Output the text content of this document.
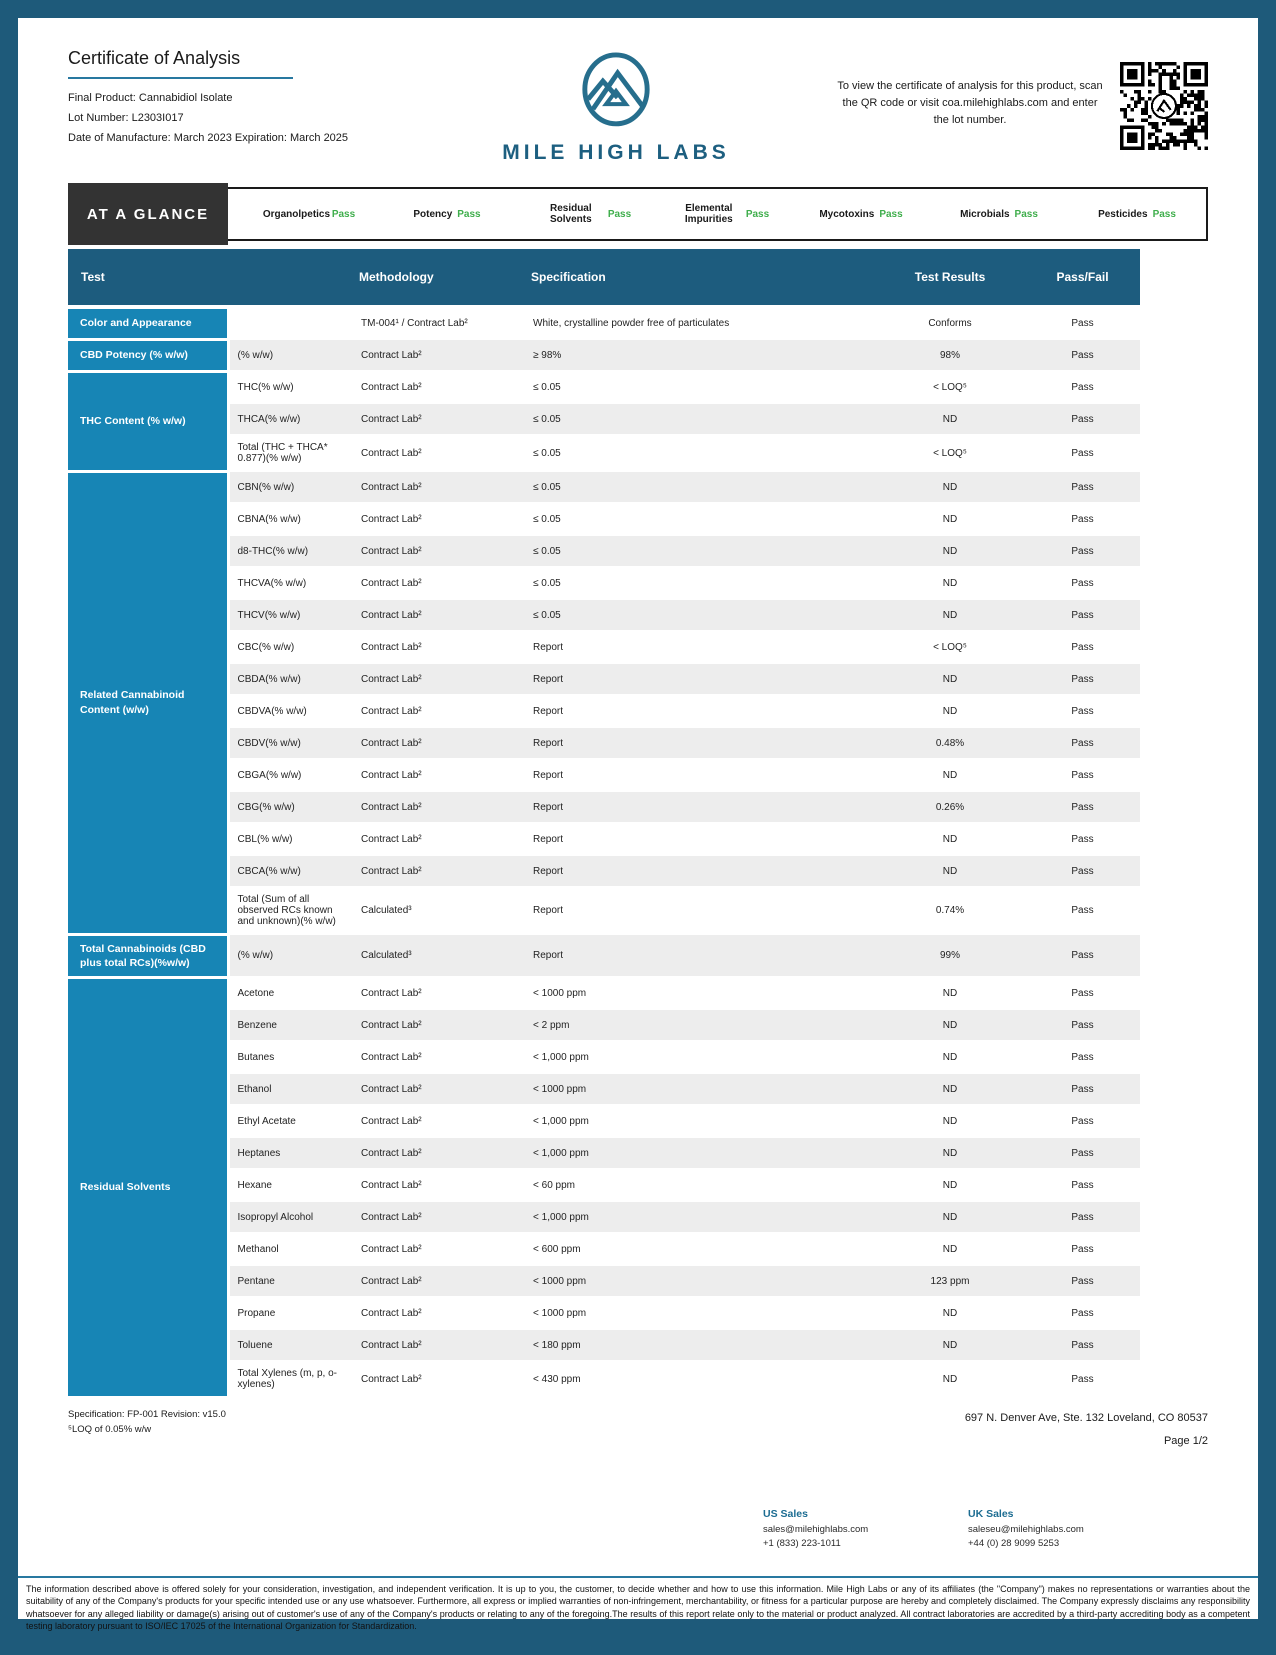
Certificate of Analysis
Final Product: Cannabidiol Isolate
Lot Number: L2303I017
Date of Manufacture: March 2023 Expiration: March 2025
MILE HIGH LABS
To view the certificate of analysis for this product, scan the QR code or visit coa.milehighlabs.com and enter the lot number.
AT A GLANCE	Organolpetics Pass	Potency Pass	Residual Solvents	Pass	Elemental Impurities	Pass	Mycotoxins Pass	Microbials Pass	Pesticides Pass
Test		Methodology	Specification	Test Results	Pass/Fail
Color and Appearance		TM-004¹ / Contract Lab²	White, crystalline powder free of particulates	Conforms	Pass
CBD Potency (% w/w)	(% w/w)	Contract Lab²	≥ 98%	98%	Pass
THC Content (% w/w)	THC(% w/w)	Contract Lab²	≤ 0.05	< LOQ⁵	Pass
	THCA(% w/w)	Contract Lab²	≤ 0.05	ND	Pass
	Total (THC + THCA* 0.877)(% w/w)	Contract Lab²	≤ 0.05	< LOQ⁵	Pass
Related Cannabinoid Content (w/w)	CBN(% w/w)	Contract Lab²	≤ 0.05	ND	Pass
	CBNA(% w/w)	Contract Lab²	≤ 0.05	ND	Pass
	d8-THC(% w/w)	Contract Lab²	≤ 0.05	ND	Pass
	THCVA(% w/w)	Contract Lab²	≤ 0.05	ND	Pass
	THCV(% w/w)	Contract Lab²	≤ 0.05	ND	Pass
	CBC(% w/w)	Contract Lab²	Report	< LOQ⁵	Pass
	CBDA(% w/w)	Contract Lab²	Report	ND	Pass
	CBDVA(% w/w)	Contract Lab²	Report	ND	Pass
	CBDV(% w/w)	Contract Lab²	Report	0.48%	Pass
	CBGA(% w/w)	Contract Lab²	Report	ND	Pass
	CBG(% w/w)	Contract Lab²	Report	0.26%	Pass
	CBL(% w/w)	Contract Lab²	Report	ND	Pass
	CBCA(% w/w)	Contract Lab²	Report	ND	Pass
	Total (Sum of all observed RCs known and unknown)(% w/w)	Calculated³	Report	0.74%	Pass
Total Cannabinoids (CBD plus total RCs)(%w/w)	(% w/w)	Calculated³	Report	99%	Pass
Residual Solvents	Acetone	Contract Lab²	< 1000 ppm	ND	Pass
	Benzene	Contract Lab²	< 2 ppm	ND	Pass
	Butanes	Contract Lab²	< 1,000 ppm	ND	Pass
	Ethanol	Contract Lab²	< 1000 ppm	ND	Pass
	Ethyl Acetate	Contract Lab²	< 1,000 ppm	ND	Pass
	Heptanes	Contract Lab²	< 1,000 ppm	ND	Pass
	Hexane	Contract Lab²	< 60 ppm	ND	Pass
	Isopropyl Alcohol	Contract Lab²	< 1,000 ppm	ND	Pass
	Methanol	Contract Lab²	< 600 ppm	ND	Pass
	Pentane	Contract Lab²	< 1000 ppm	123 ppm	Pass
	Propane	Contract Lab²	< 1000 ppm	ND	Pass
	Toluene	Contract Lab²	< 180 ppm	ND	Pass
	Total Xylenes (m, p, o-xylenes)	Contract Lab²	< 430 ppm	ND	Pass
Specification: FP-001 Revision: v15.0
⁵LOQ of 0.05% w/w
697 N. Denver Ave, Ste. 132 Loveland, CO 80537
Page 1/2
US Sales
sales@milehighlabs.com
+1 (833) 223-1011
UK Sales
saleseu@milehighlabs.com
+44 (0) 28 9099 5253
The information described above is offered solely for your consideration, investigation, and independent verification. It is up to you, the customer, to decide whether and how to use this information. Mile High Labs or any of its affiliates (the "Company") makes no representations or warranties about the suitability of any of the Company's products for your specific intended use or any use whatsoever. Furthermore, all express or implied warranties of non-infringement, merchantability, or fitness for a particular purpose are hereby and completely disclaimed. The Company expressly disclaims any responsibility whatsoever for any alleged liability or damage(s) arising out of customer's use of any of the Company's products or relating to any of the foregoing.The results of this report relate only to the material or product analyzed. All contract laboratories are accredited by a third-party accrediting body as a competent testing laboratory pursuant to ISO/IEC 17025 of the International Organization for Standardization.
